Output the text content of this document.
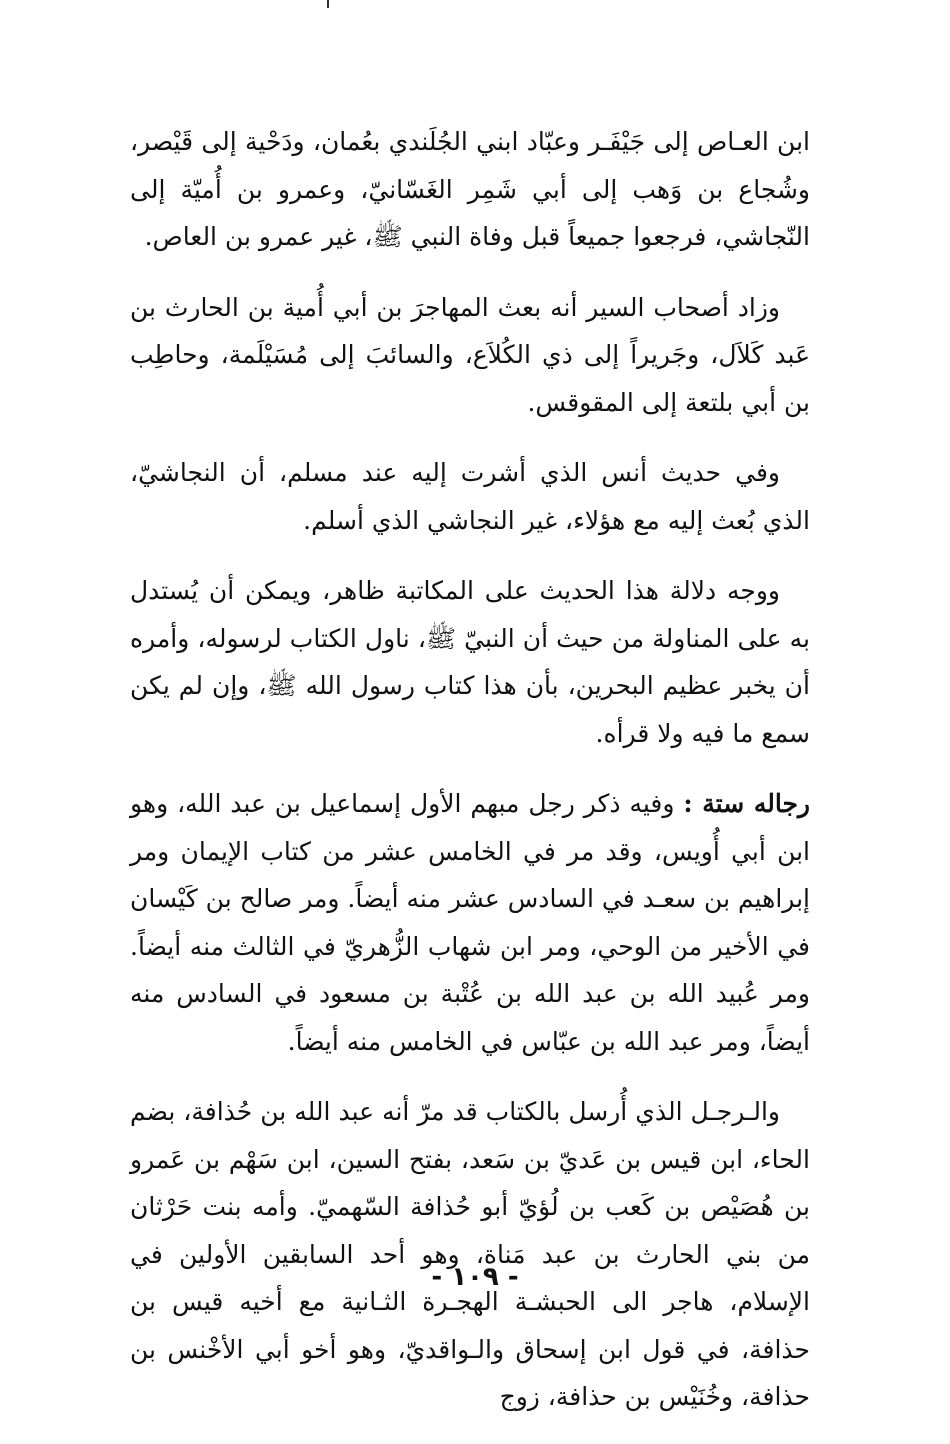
ابن العـاص إلى جَيْفَـر وعبّاد ابني الجُلَندي بعُمان، ودَحْية إلى قَيْصر، وشُجاع بن وَهب إلى أبي شَمِر الغَسّانيّ، وعمرو بن أُميّة إلى النّجاشي، فرجعوا جميعاً قبل وفاة النبي ﷺ، غير عمرو بن العاص.

وزاد أصحاب السير أنه بعث المهاجرَ بن أبي أُمية بن الحارث بن عَبد كَلاَل، وجَريراً إلى ذي الكُلاَع، والسائبَ إلى مُسَيْلَمة، وحاطِب بن أبي بلتعة إلى المقوقس.

وفي حديث أنس الذي أشرت إليه عند مسلم، أن النجاشيّ، الذي بُعث إليه مع هؤلاء، غير النجاشي الذي أسلم.

ووجه دلالة هذا الحديث على المكاتبة ظاهر، ويمكن أن يُستدل به على المناولة من حيث أن النبيّ ﷺ، ناول الكتاب لرسوله، وأمره أن يخبر عظيم البحرين، بأن هذا كتاب رسول الله ﷺ، وإن لم يكن سمع ما فيه ولا قرأه.

رجاله ستة : وفيه ذكر رجل مبهم الأول إسماعيل بن عبد الله، وهو ابن أبي أُويس، وقد مر في الخامس عشر من كتاب الإيمان ومر إبراهيم بن سعـد في السادس عشر منه أيضاً. ومر صالح بن كَيْسان في الأخير من الوحي، ومر ابن شهاب الزُّهريّ في الثالث منه أيضاً. ومر عُبيد الله بن عبد الله بن عُتْبة بن مسعود في السادس منه أيضاً، ومر عبد الله بن عبّاس في الخامس منه أيضاً.

والـرجـل الذي أُرسل بالكتاب قد مرّ أنه عبد الله بن حُذافة، بضم الحاء، ابن قيس بن عَديّ بن سَعد، بفتح السين، ابن سَهْم بن عَمرو بن هُصَيْص بن كَعب بن لُؤيّ أبو حُذافة السّهميّ. وأمه بنت حَرْثان من بني الحارث بن عبد مَناة، وهو أحد السابقين الأولين في الإسلام، هاجر الى الحبشـة الهجـرة الثـانية مع أخيه قيس بن حذافة، في قول ابن إسحاق والـواقديّ، وهو أخو أبي الأخْنس بن حذافة، وخُنَيْس بن حذافة، زوج

- ١٠٩ -
